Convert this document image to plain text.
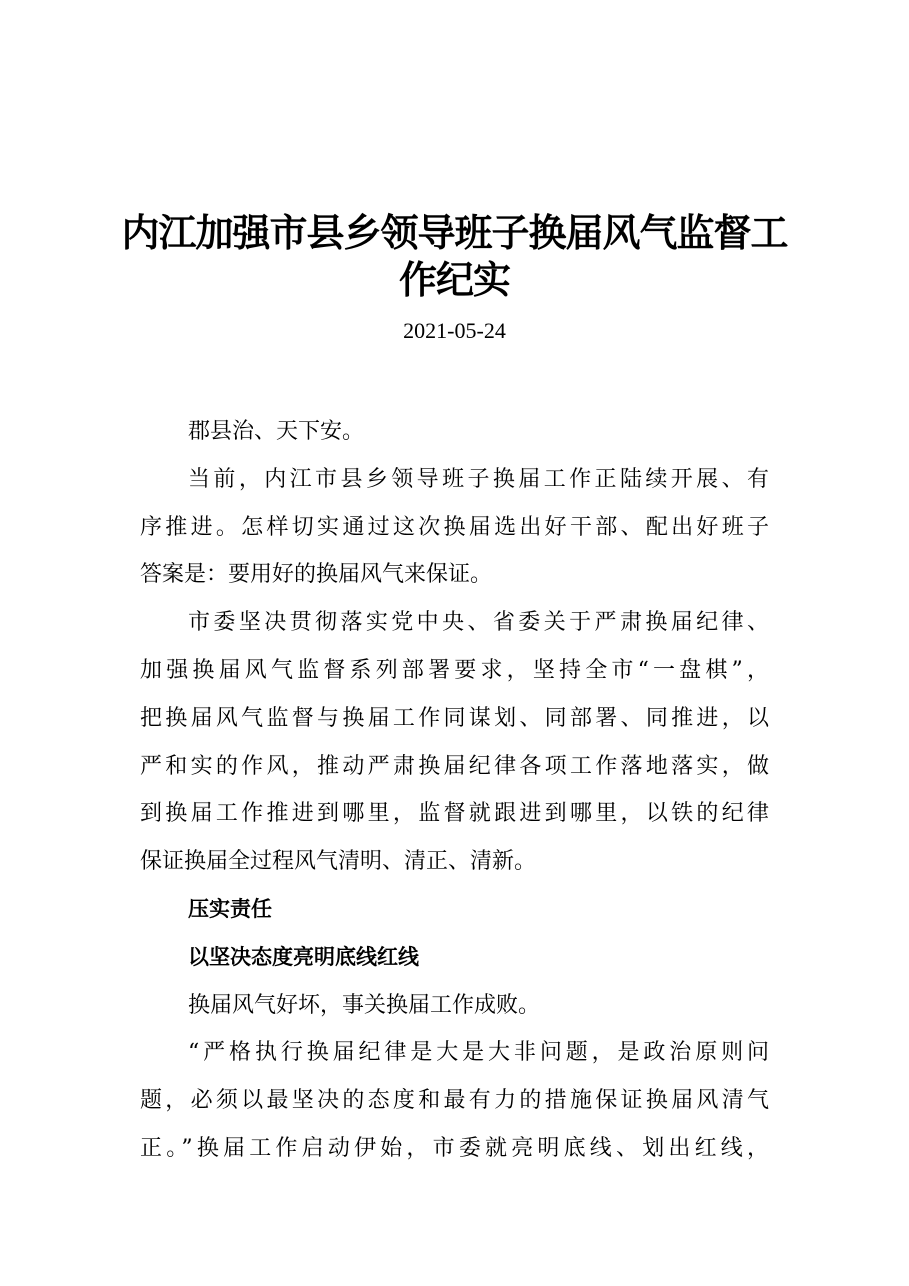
内江加强市县乡领导班子换届风气监督工
作纪实
2021-05-24
郡县治、天下安。
当前，内江市县乡领导班子换届工作正陆续开展、有
序推进。怎样切实通过这次换届选出好干部、配出好班子
答案是：要用好的换届风气来保证。
市委坚决贯彻落实党中央、省委关于严肃换届纪律、
加强换届风气监督系列部署要求，坚持全市“一盘棋”，
把换届风气监督与换届工作同谋划、同部署、同推进，以
严和实的作风，推动严肃换届纪律各项工作落地落实，做
到换届工作推进到哪里，监督就跟进到哪里，以铁的纪律
保证换届全过程风气清明、清正、清新。
压实责任
以坚决态度亮明底线红线
换届风气好坏，事关换届工作成败。
“严格执行换届纪律是大是大非问题，是政治原则问
题，必须以最坚决的态度和最有力的措施保证换届风清气
正。”换届工作启动伊始，市委就亮明底线、划出红线，
